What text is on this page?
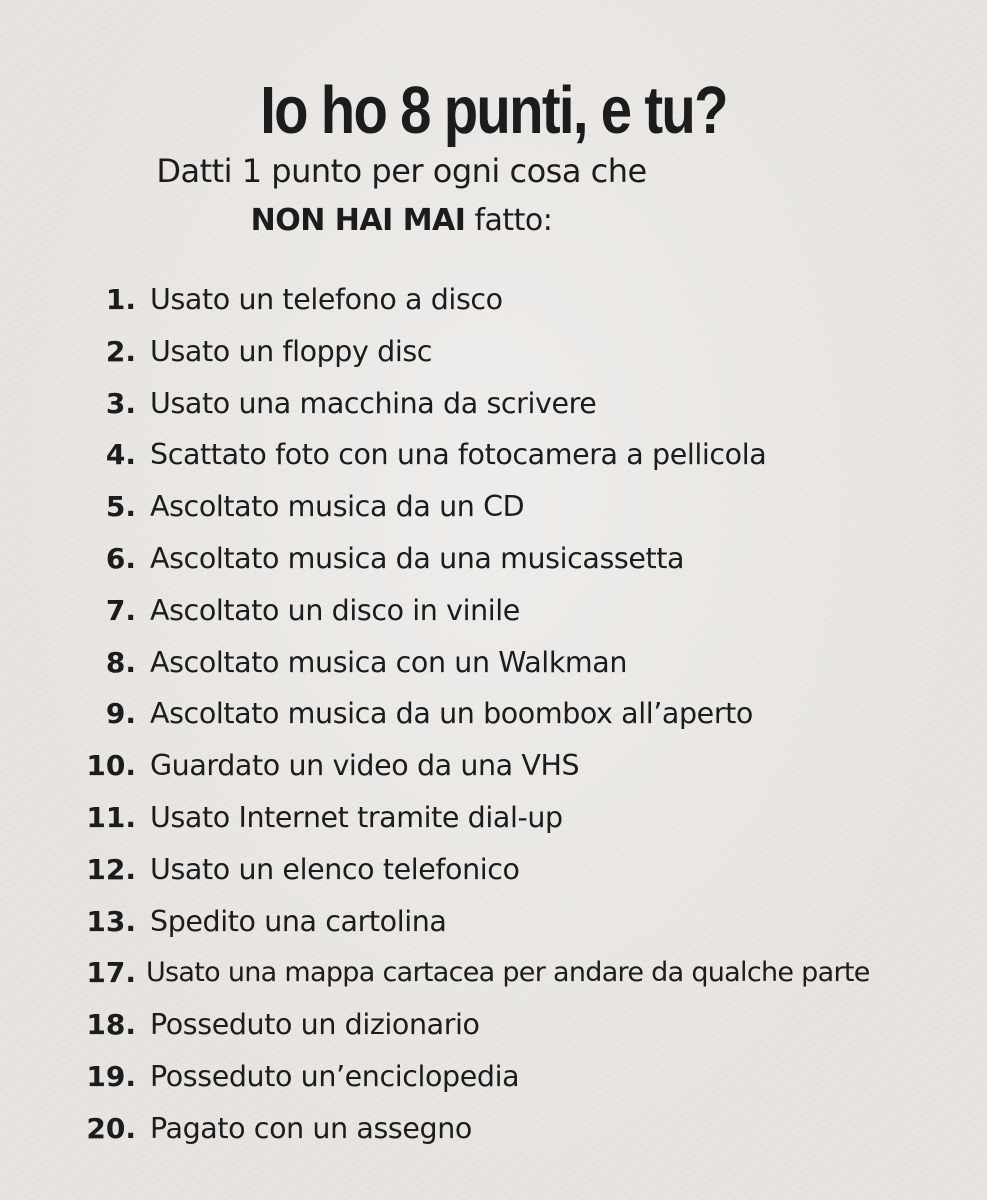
Io ho 8 punti, e tu?
Datti 1 punto per ogni cosa che
NON HAI MAI fatto:
1. Usato un telefono a disco
2. Usato un floppy disc
3. Usato una macchina da scrivere
4. Scattato foto con una fotocamera a pellicola
5. Ascoltato musica da un CD
6. Ascoltato musica da una musicassetta
7. Ascoltato un disco in vinile
8. Ascoltato musica con un Walkman
9. Ascoltato musica da un boombox all’aperto
10. Guardato un video da una VHS
11. Usato Internet tramite dial-up
12. Usato un elenco telefonico
13. Spedito una cartolina
17. Usato una mappa cartacea per andare da qualche parte
18. Posseduto un dizionario
19. Posseduto un’enciclopedia
20. Pagato con un assegno
